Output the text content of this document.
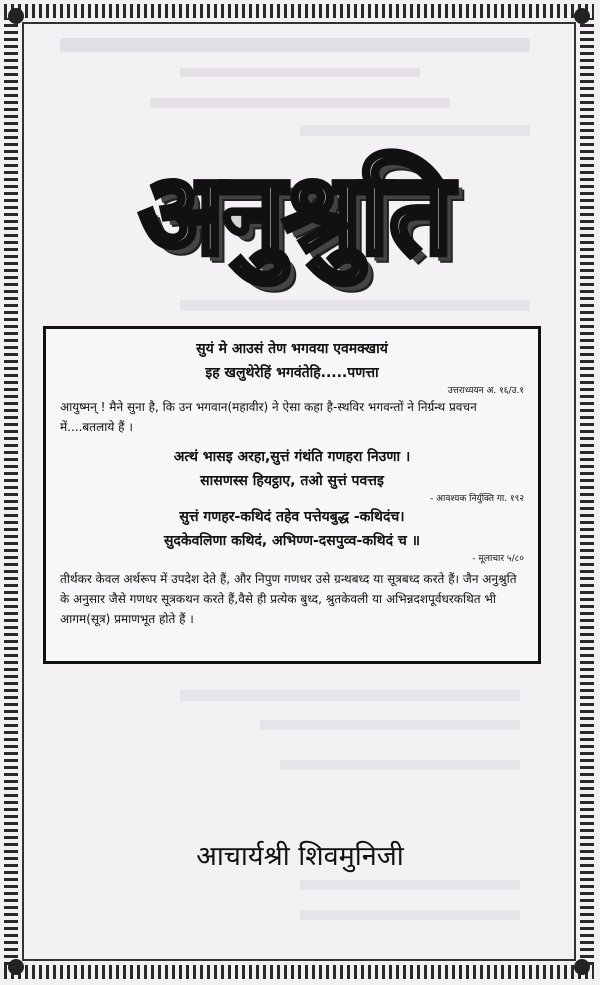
अनुश्रुति
सुयं मे आउसं तेण भगवया एवमक्खायं
इह खलुथेरेहिं भगवंतेहि.....पणत्ता
उत्तराध्ययन अ. १६/उ.१
आयुष्मन् ! मैने सुना है, कि उन भगवान(महावीर) ने ऐसा कहा है-स्थविर भगवन्तों ने निर्ग्रन्थ प्रवचन में....बतलाये हैं ।
अत्थं भासइ अरहा,सुत्तं गंथंति गणहरा निउणा ।
सासणस्स हियट्ठाए, तओ सुत्तं पवत्तइ
- आवश्यक निर्युक्ति गा. १९२
सुत्तं गणहर-कथिदं तहेव पत्तेयबुद्ध -कथिदंच।
सुदकेवलिणा कथिदं, अभिण्ण-दसपुव्व-कथिदं च ॥
- मूलाचार ५/८०
तीर्थकर केवल अर्थरूप में उपदेश देते हैं, और निपुण गणधर उसे ग्रन्थबध्द या सूत्रबध्द करते हैं। जैन अनुश्रुति के अनुसार जैसे गणधर सूत्रकथन करते हैं,वैसे ही प्रत्येक बुध्द, श्रुतकेवली या अभिन्नदशपूर्वधरकथित भी आगम(सूत्र) प्रमाणभूत होते हैं ।
आचार्यश्री शिवमुनिजी
